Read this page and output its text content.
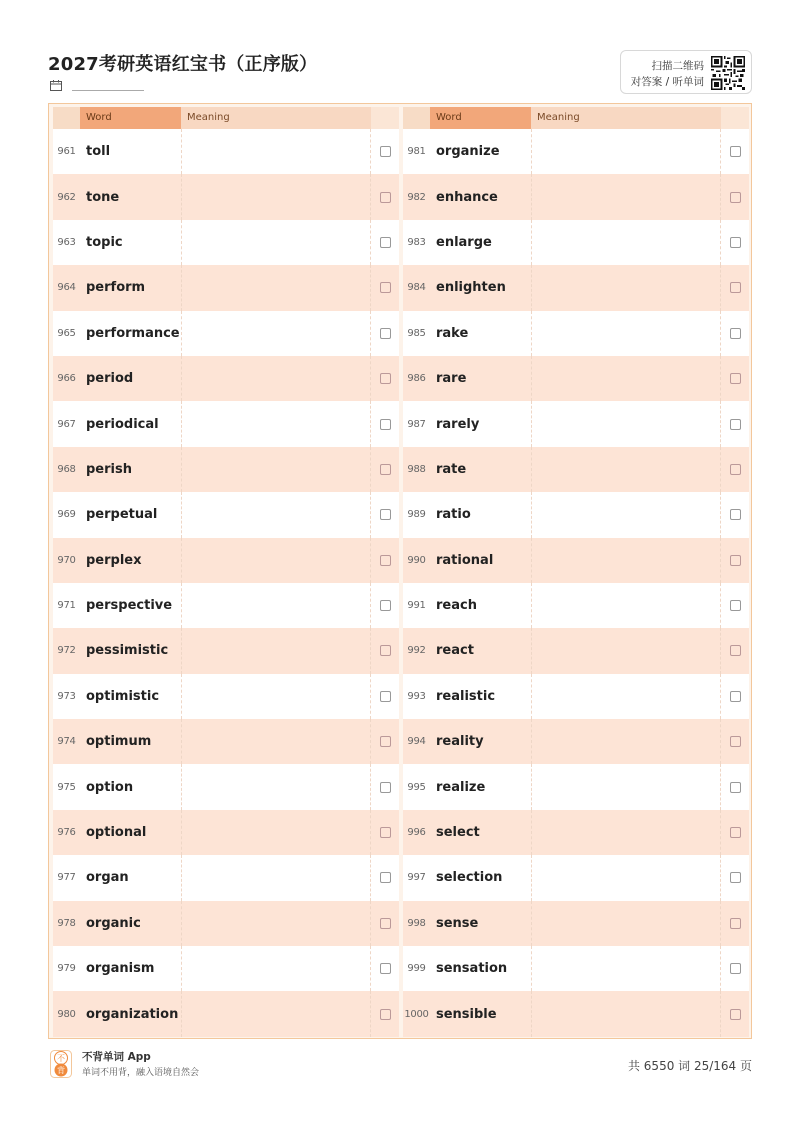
2027考研英语红宝书（正序版）	扫描二维码
对答案 / 听单词
Word	Meaning
961 toll
962 tone
963 topic
964 perform
965 performance
966 period
967 periodical
968 perish
969 perpetual
970 perplex
971 perspective
972 pessimistic
973 optimistic
974 optimum
975 option
976 optional
977 organ
978 organic
979 organism
980 organization
Word	Meaning
981 organize
982 enhance
983 enlarge
984 enlighten
985 rake
986 rare
987 rarely
988 rate
989 ratio
990 rational
991 reach
992 react
993 realistic
994 reality
995 realize
996 select
997 selection
998 sense
999 sensation
1000 sensible
不
背
不背单词 App
单词不用背，融入语境自然会	共 6550 词 25/164 页
